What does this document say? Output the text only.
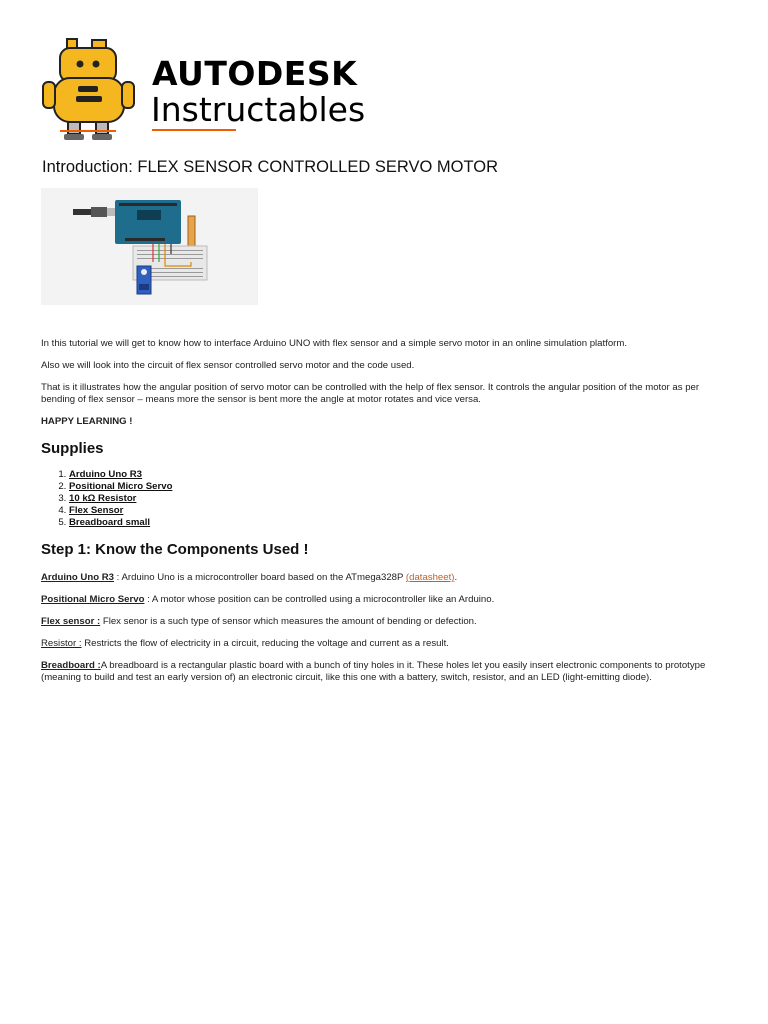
AUTODESK
Instructables
Introduction: FLEX SENSOR CONTROLLED SERVO MOTOR

In this tutorial we will get to know how to interface Arduino UNO with flex sensor and a simple servo motor in an online simulation platform.

Also we will look into the circuit of flex sensor controlled servo motor and the code used.

That is it illustrates how the angular position of servo motor can be controlled with the help of flex sensor. It controls the angular position of the motor as per bending of flex sensor – means more the sensor is bent more the angle at motor rotates and vice versa.

HAPPY LEARNING !

Supplies
1. Arduino Uno R3
2. Positional Micro Servo
3. 10 kΩ Resistor
4. Flex Sensor
5. Breadboard small
Step 1: Know the Components Used !

Arduino Uno R3 : Arduino Uno is a microcontroller board based on the ATmega328P (datasheet).

Positional Micro Servo : A motor whose position can be controlled using a microcontroller like an Arduino.

Flex sensor : Flex senor is a such type of sensor which measures the amount of bending or defection.

Resistor : Restricts the flow of electricity in a circuit, reducing the voltage and current as a result.

Breadboard :A breadboard is a rectangular plastic board with a bunch of tiny holes in it. These holes let you easily insert electronic components to prototype (meaning to build and test an early version of) an electronic circuit, like this one with a battery, switch, resistor, and an LED (light-emitting diode).
